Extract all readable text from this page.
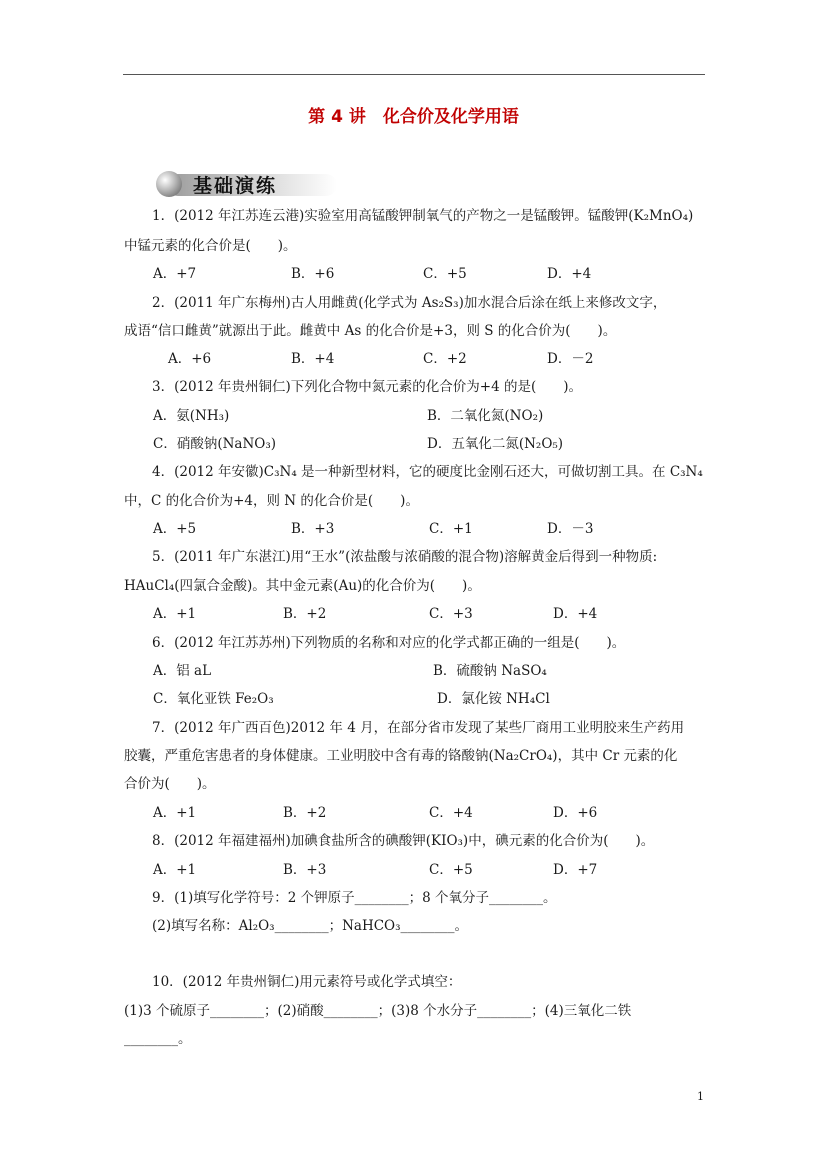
第 4 讲　化合价及化学用语
基础演练
1．(2012 年江苏连云港)实验室用高锰酸钾制氧气的产物之一是锰酸钾。锰酸钾(K₂MnO₄)
中锰元素的化合价是(　　)。
A．+7	B．+6	C．+5	D．+4
2．(2011 年广东梅州)古人用雌黄(化学式为 As₂S₃)加水混合后涂在纸上来修改文字，
成语“信口雌黄”就源出于此。雌黄中 As 的化合价是+3，则 S 的化合价为(　　)。
A．+6	B．+4	C．+2	D．－2
3．(2012 年贵州铜仁)下列化合物中氮元素的化合价为+4 的是(　　)。
A．氨(NH₃)	B．二氧化氮(NO₂)
C．硝酸钠(NaNO₃)	D．五氧化二氮(N₂O₅)
4．(2012 年安徽)C₃N₄ 是一种新型材料，它的硬度比金刚石还大，可做切割工具。在 C₃N₄
中，C 的化合价为+4，则 N 的化合价是(　　)。
A．+5	B．+3	C．+1	D．－3
5．(2011 年广东湛江)用“王水”(浓盐酸与浓硝酸的混合物)溶解黄金后得到一种物质:
HAuCl₄(四氯合金酸)。其中金元素(Au)的化合价为(　　)。
A．+1	B．+2	C．+3	D．+4
6．(2012 年江苏苏州)下列物质的名称和对应的化学式都正确的一组是(　　)。
A．铝 aL	B．硫酸钠 NaSO₄
C．氧化亚铁 Fe₂O₃	D．氯化铵 NH₄Cl
7．(2012 年广西百色)2012 年 4 月，在部分省市发现了某些厂商用工业明胶来生产药用
胶囊，严重危害患者的身体健康。工业明胶中含有毒的铬酸钠(Na₂CrO₄)，其中 Cr 元素的化
合价为(　　)。
A．+1	B．+2	C．+4	D．+6
8．(2012 年福建福州)加碘食盐所含的碘酸钾(KIO₃)中，碘元素的化合价为(　　)。
A．+1	B．+3	C．+5	D．+7
9．(1)填写化学符号：2 个钾原子________；8 个氧分子________。
(2)填写名称：Al₂O₃________；NaHCO₃________。
10．(2012 年贵州铜仁)用元素符号或化学式填空：
(1)3 个硫原子________；(2)硝酸________；(3)8 个水分子________；(4)三氧化二铁
________。
1
